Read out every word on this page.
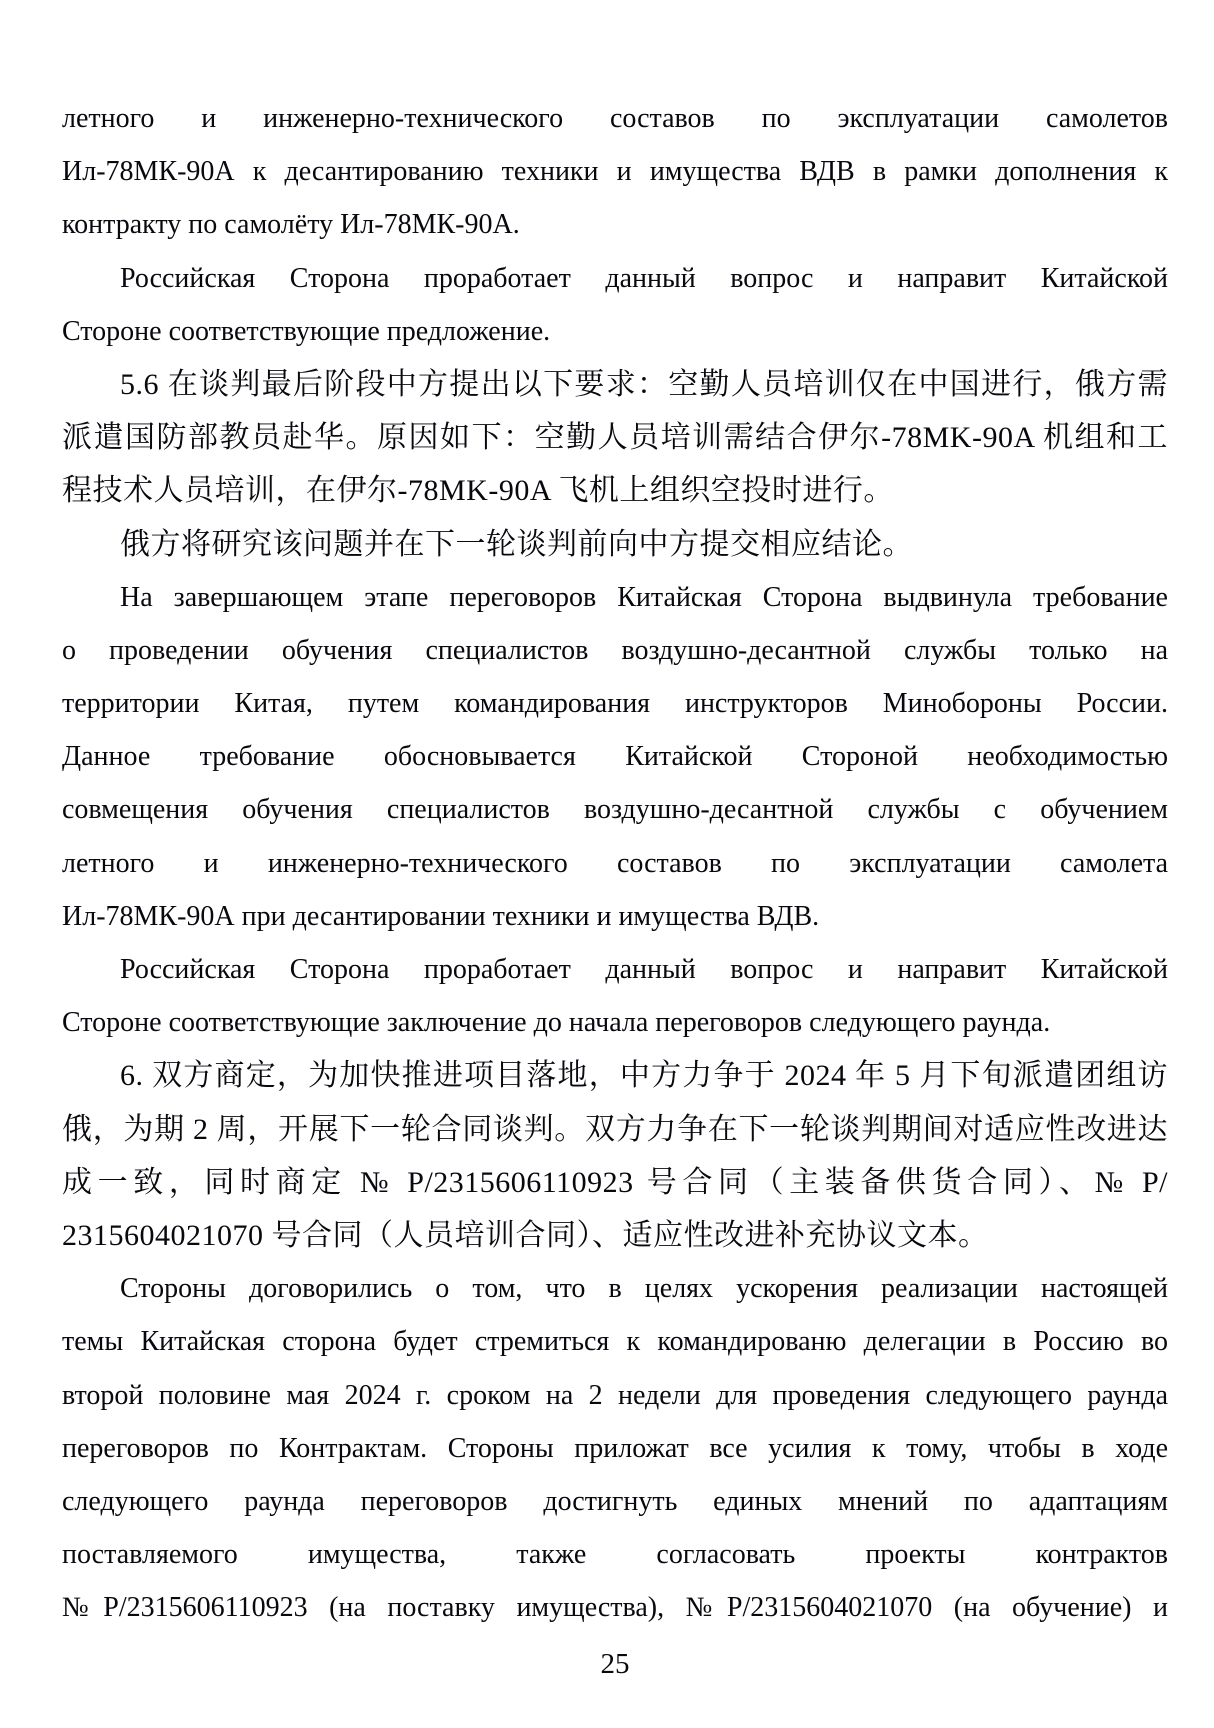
летного и инженерно-технического составов по эксплуатации самолетов
Ил-78МК-90А к десантированию техники и имущества ВДВ в рамки дополнения к
контракту по самолёту Ил-78МК-90А.
Российская Сторона проработает данный вопрос и направит Китайской
Стороне соответствующие предложение.
5.6 在谈判最后阶段中方提出以下要求：空勤人员培训仅在中国进行，俄方需
派遣国防部教员赴华。原因如下：空勤人员培训需结合伊尔-78MK-90A 机组和工
程技术人员培训，在伊尔-78MK-90A 飞机上组织空投时进行。
俄方将研究该问题并在下一轮谈判前向中方提交相应结论。
На завершающем этапе переговоров Китайская Сторона выдвинула требование
о проведении обучения специалистов воздушно-десантной службы только на
территории Китая, путем командирования инструкторов Минобороны России.
Данное требование обосновывается Китайской Стороной необходимостью
совмещения обучения специалистов воздушно-десантной службы с обучением
летного и инженерно-технического составов по эксплуатации самолета
Ил-78МК-90А при десантировании техники и имущества ВДВ.
Российская Сторона проработает данный вопрос и направит Китайской
Стороне соответствующие заключение до начала переговоров следующего раунда.
6. 双方商定，为加快推进项目落地，中方力争于 2024 年 5 月下旬派遣团组访
俄，为期 2 周，开展下一轮合同谈判。双方力争在下一轮谈判期间对适应性改进达
成一致，同时商定 № P/2315606110923 号合同（主装备供货合同）、№ P/
2315604021070 号合同（人员培训合同）、适应性改进补充协议文本。
Стороны договорились о том, что в целях ускорения реализации настоящей
темы Китайская сторона будет стремиться к командированю делегации в Россию во
второй половине мая 2024 г. сроком на 2 недели для проведения следующего раунда
переговоров по Контрактам. Стороны приложат все усилия к тому, чтобы в ходе
следующего раунда переговоров достигнуть единых мнений по адаптациям
поставляемого имущества, также согласовать проекты контрактов
№Р/2315606110923 (на поставку имущества), №Р/2315604021070 (на обучение) и
25
